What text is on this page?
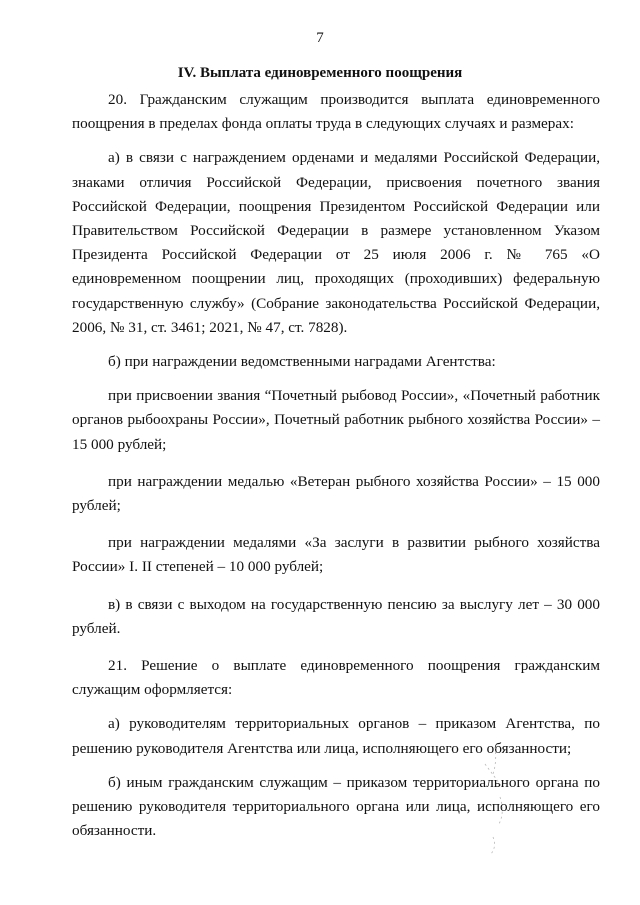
7
IV. Выплата единовременного поощрения

20. Гражданским служащим производится выплата единовременного поощрения в пределах фонда оплаты труда в следующих случаях и размерах:

а) в связи с награждением орденами и медалями Российской Федерации, знаками отличия Российской Федерации, присвоения почетного звания Российской Федерации, поощрения Президентом Российской Федерации или Правительством Российской Федерации в размере установленном Указом Президента Российской Федерации от 25 июля 2006 г. № 765 «О единовременном поощрении лиц, проходящих (проходивших) федеральную государственную службу» (Собрание законодательства Российской Федерации, 2006, № 31, ст. 3461; 2021, № 47, ст. 7828).

б) при награждении ведомственными наградами Агентства:

при присвоении звания “Почетный рыбовод России», «Почетный работник органов рыбоохраны России», Почетный работник рыбного хозяйства России» – 15 000 рублей;

при награждении медалью «Ветеран рыбного хозяйства России» – 15 000 рублей;

при награждении медалями «За заслуги в развитии рыбного хозяйства России» I. II степеней – 10 000 рублей;

в) в связи с выходом на государственную пенсию за выслугу лет – 30 000 рублей.

21. Решение о выплате единовременного поощрения гражданским служащим оформляется:

а) руководителям территориальных органов – приказом Агентства, по решению руководителя Агентства или лица, исполняющего его обязанности;

б) иным гражданским служащим – приказом территориального органа по решению руководителя территориального органа или лица, исполняющего его обязанности.
